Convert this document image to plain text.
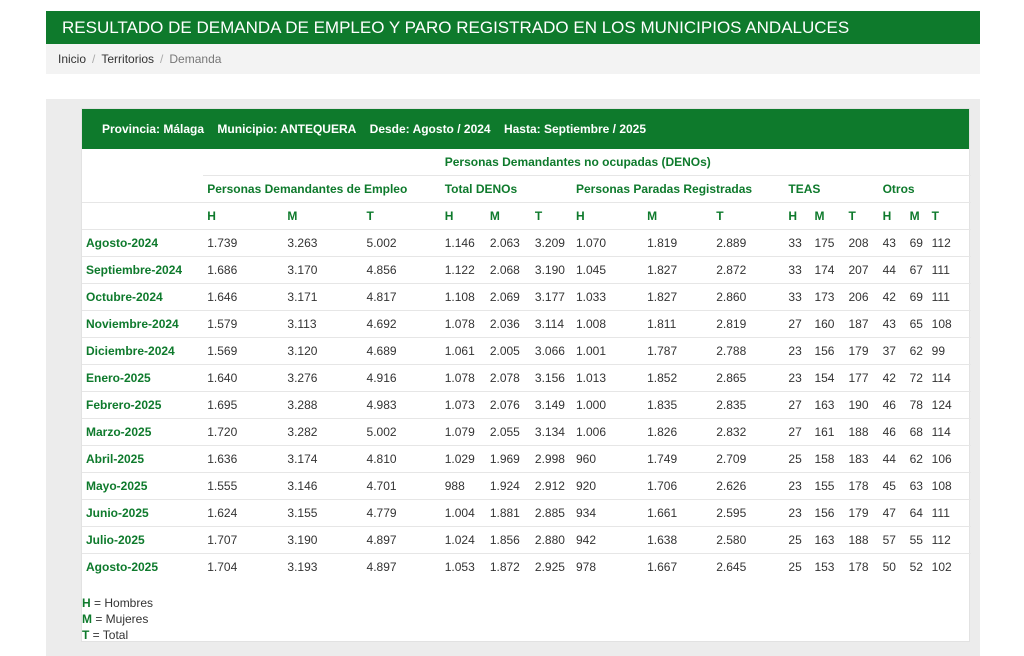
RESULTADO DE DEMANDA DE EMPLEO Y PARO REGISTRADO EN LOS MUNICIPIOS ANDALUCES
Inicio / Territorios / Demanda
Provincia: Málaga Municipio: ANTEQUERA Desde: Agosto / 2024 Hasta: Septiembre / 2025
				Personas Demandantes no ocupadas (DENOs)											
	Personas Demandantes de Empleo			Total DENOs			Personas Paradas Registradas			TEAS			Otros		
	H	M	T	H	M	T	H	M	T	H	M	T	H	M	T
Agosto-2024	1.739	3.263	5.002	1.146	2.063	3.209	1.070	1.819	2.889	33	175	208	43	69	112
Septiembre-2024	1.686	3.170	4.856	1.122	2.068	3.190	1.045	1.827	2.872	33	174	207	44	67	111
Octubre-2024	1.646	3.171	4.817	1.108	2.069	3.177	1.033	1.827	2.860	33	173	206	42	69	111
Noviembre-2024	1.579	3.113	4.692	1.078	2.036	3.114	1.008	1.811	2.819	27	160	187	43	65	108
Diciembre-2024	1.569	3.120	4.689	1.061	2.005	3.066	1.001	1.787	2.788	23	156	179	37	62	99
Enero-2025	1.640	3.276	4.916	1.078	2.078	3.156	1.013	1.852	2.865	23	154	177	42	72	114
Febrero-2025	1.695	3.288	4.983	1.073	2.076	3.149	1.000	1.835	2.835	27	163	190	46	78	124
Marzo-2025	1.720	3.282	5.002	1.079	2.055	3.134	1.006	1.826	2.832	27	161	188	46	68	114
Abril-2025	1.636	3.174	4.810	1.029	1.969	2.998	960	1.749	2.709	25	158	183	44	62	106
Mayo-2025	1.555	3.146	4.701	988	1.924	2.912	920	1.706	2.626	23	155	178	45	63	108
Junio-2025	1.624	3.155	4.779	1.004	1.881	2.885	934	1.661	2.595	23	156	179	47	64	111
Julio-2025	1.707	3.190	4.897	1.024	1.856	2.880	942	1.638	2.580	25	163	188	57	55	112
Agosto-2025	1.704	3.193	4.897	1.053	1.872	2.925	978	1.667	2.645	25	153	178	50	52	102
H = Hombres
M = Mujeres
T = Total
